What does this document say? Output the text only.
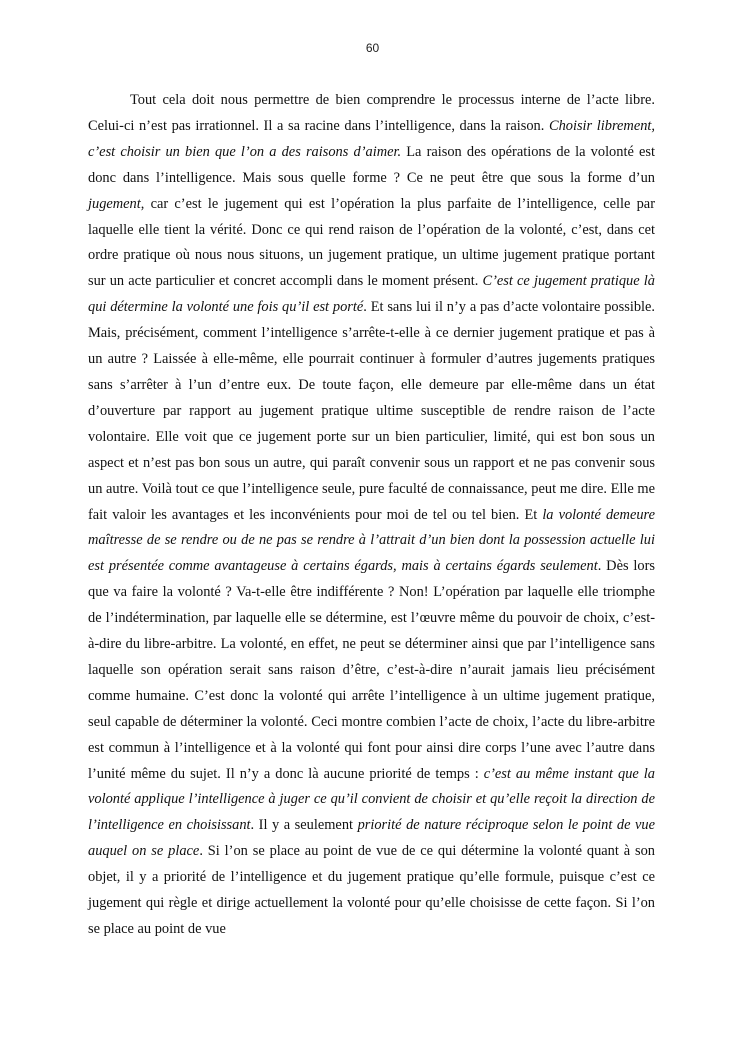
60

Tout cela doit nous permettre de bien comprendre le processus interne de l’acte libre. Celui-ci n’est pas irrationnel. Il a sa racine dans l’intelligence, dans la raison. Choisir librement, c’est choisir un bien que l’on a des raisons d’aimer. La raison des opérations de la volonté est donc dans l’intelligence. Mais sous quelle forme ? Ce ne peut être que sous la forme d’un jugement, car c’est le jugement qui est l’opération la plus parfaite de l’intelligence, celle par laquelle elle tient la vérité. Donc ce qui rend raison de l’opération de la volonté, c’est, dans cet ordre pratique où nous nous situons, un jugement pratique, un ultime jugement pratique portant sur un acte particulier et concret accompli dans le moment présent. C’est ce jugement pratique là qui détermine la volonté une fois qu’il est porté. Et sans lui il n’y a pas d’acte volontaire possible. Mais, précisément, comment l’intelligence s’arrête-t-elle à ce dernier jugement pratique et pas à un autre ? Laissée à elle-même, elle pourrait continuer à formuler d’autres jugements pratiques sans s’arrêter à l’un d’entre eux. De toute façon, elle demeure par elle-même dans un état d’ouverture par rapport au jugement pratique ultime susceptible de rendre raison de l’acte volontaire. Elle voit que ce jugement porte sur un bien particulier, limité, qui est bon sous un aspect et n’est pas bon sous un autre, qui paraît convenir sous un rapport et ne pas convenir sous un autre. Voilà tout ce que l’intelligence seule, pure faculté de connaissance, peut me dire. Elle me fait valoir les avantages et les inconvénients pour moi de tel ou tel bien. Et la volonté demeure maîtresse de se rendre ou de ne pas se rendre à l’attrait d’un bien dont la possession actuelle lui est présentée comme avantageuse à certains égards, mais à certains égards seulement. Dès lors que va faire la volonté ? Va-t-elle être indifférente ? Non! L’opération par laquelle elle triomphe de l’indétermination, par laquelle elle se détermine, est l’œuvre même du pouvoir de choix, c’est-à-dire du libre-arbitre. La volonté, en effet, ne peut se déterminer ainsi que par l’intelligence sans laquelle son opération serait sans raison d’être, c’est-à-dire n’aurait jamais lieu précisément comme humaine. C’est donc la volonté qui arrête l’intelligence à un ultime jugement pratique, seul capable de déterminer la volonté. Ceci montre combien l’acte de choix, l’acte du libre-arbitre est commun à l’intelligence et à la volonté qui font pour ainsi dire corps l’une avec l’autre dans l’unité même du sujet. Il n’y a donc là aucune priorité de temps : c’est au même instant que la volonté applique l’intelligence à juger ce qu’il convient de choisir et qu’elle reçoit la direction de l’intelligence en choisissant. Il y a seulement priorité de nature réciproque selon le point de vue auquel on se place. Si l’on se place au point de vue de ce qui détermine la volonté quant à son objet, il y a priorité de l’intelligence et du jugement pratique qu’elle formule, puisque c’est ce jugement qui règle et dirige actuellement la volonté pour qu’elle choisisse de cette façon. Si l’on se place au point de vue
